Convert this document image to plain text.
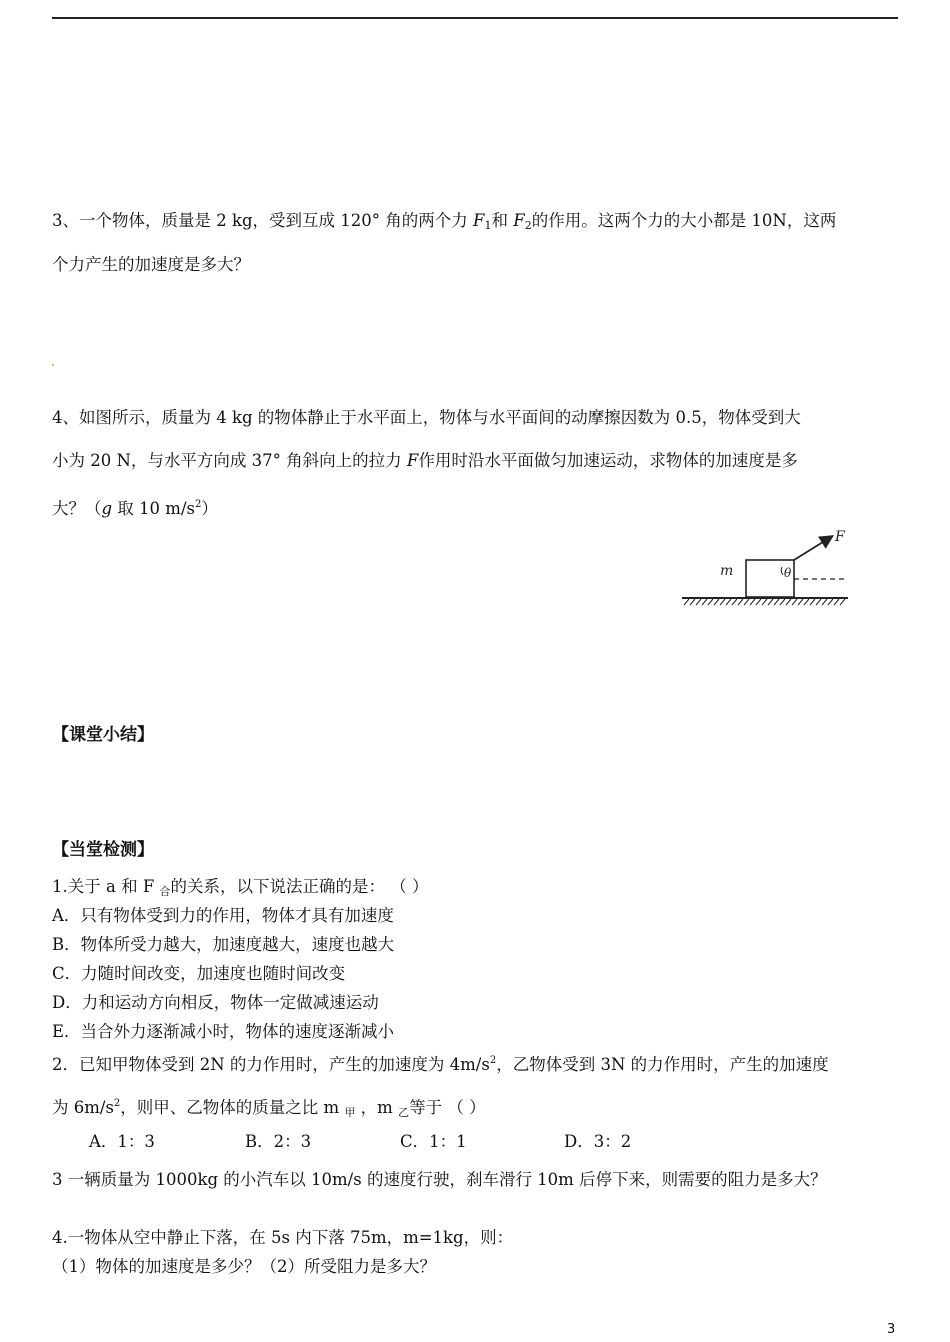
3、一个物体，质量是 2 kg，受到互成 120° 角的两个力 $F_1$和 $F_2$的作用。这两个力的大小都是 10N，这两
个力产生的加速度是多大？
4、如图所示，质量为 4 kg 的物体静止于水平面上，物体与水平面间的动摩擦因数为 0.5，物体受到大
小为 20 N，与水平方向成 37° 角斜向上的拉力 F作用时沿水平面做匀加速运动，求物体的加速度是多
大？（g 取 10 $m/s^2$）
m
F
θ
【课堂小结】
【当堂检测】
1.关于 a 和 F $_合$的关系，以下说法正确的是： （ ）
A．只有物体受到力的作用，物体才具有加速度
B．物体所受力越大，加速度越大，速度也越大
C．力随时间改变，加速度也随时间改变
D．力和运动方向相反，物体一定做减速运动
E．当合外力逐渐减小时，物体的速度逐渐减小
2．已知甲物体受到 2N 的力作用时，产生的加速度为 $4m/s^2$，乙物体受到 3N 的力作用时，产生的加速度
为 $6m/s^2$，则甲、乙物体的质量之比 m $_甲$ ，m $_乙$等于 （ ）
A．1：3	B．2：3	C．1：1	D．3：2
3 一辆质量为 1000kg 的小汽车以 10m/s 的速度行驶，刹车滑行 10m 后停下来，则需要的阻力是多大？
4.一物体从空中静止下落，在 5s 内下落 75m，m=1kg，则：
（1）物体的加速度是多少？（2）所受阻力是多大？
3
